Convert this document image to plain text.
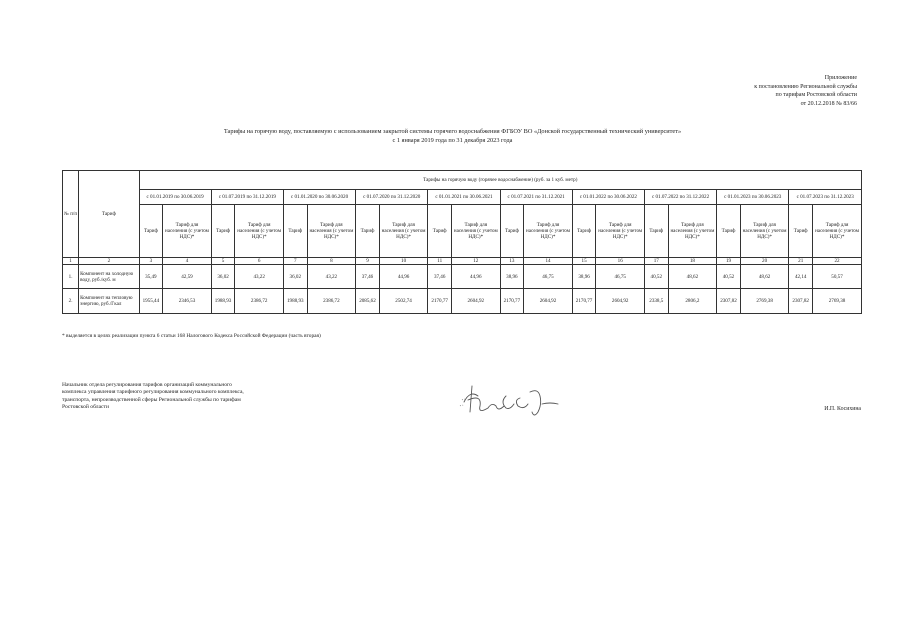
Приложение
к постановлению Региональной службы
по тарифам Ростовской области
от 20.12.2018 № 83/66
Тарифы на горячую воду, поставляемую с использованием закрытой системы горячего водоснабжения ФГБОУ ВО «Донской государственный технический университет»
с 1 января 2019 года по 31 декабря 2023 года
№ п/п	Тариф	Тарифы на горячую воду (горячее водоснабжение) (руб. за 1 куб. метр)																			
		с 01.01.2019 по 30.06.2019		с 01.07.2019 по 31.12.2019		с 01.01.2020 по 30.06.2020		с 01.07.2020 по 31.12.2020		с 01.01.2021 по 30.06.2021		с 01.07.2021 по 31.12.2021		с 01.01.2022 по 30.06.2022		с 01.07.2022 по 31.12.2022		с 01.01.2023 по 30.06.2023		с 01.07.2023 по 31.12.2023	
		Тариф	Тариф для населения (с учетом НДС)*	Тариф	Тариф для населения (с учетом НДС)*	Тариф	Тариф для населения (с учетом НДС)*	Тариф	Тариф для населения (с учетом НДС)*	Тариф	Тариф для населения (с учетом НДС)*	Тариф	Тариф для населения (с учетом НДС)*	Тариф	Тариф для населения (с учетом НДС)*	Тариф	Тариф для населения (с учетом НДС)*	Тариф	Тариф для населения (с учетом НДС)*	Тариф	Тариф для населения (с учетом НДС)*
1	2	3	4	5	6	7	8	9	10	11	12	13	14	15	16	17	18	19	20	21	22
1.	Компонент на холодную воду, руб./куб. м	35,49	42,59	36,02	43,22	36,02	43,22	37,46	44,96	37,46	44,96	38,96	46,75	38,96	46,75	40,52	48,62	40,52	48,62	42,14	50,57
2.	Компонент на тепловую энергию, руб./Гкал	1955,44	2346,53	1988,93	2386,72	1988,93	2386,72	2085,62	2502,74	2170,77	2604,92	2170,77	2604,92	2170,77	2604,92	2338,5	2806,2	2307,82	2769,38	2307,82	2769,38
* выделяется в целях реализации пункта 6 статьи 168 Налогового Кодекса Российской Федерации (часть вторая)
Начальник отдела регулирования тарифов организаций коммунального
комплекса управления тарифного регулирования коммунального комплекса,
транспорта, непроизводственной сферы Региональной службы по тарифам
Ростовской области	И.П. Косихина
